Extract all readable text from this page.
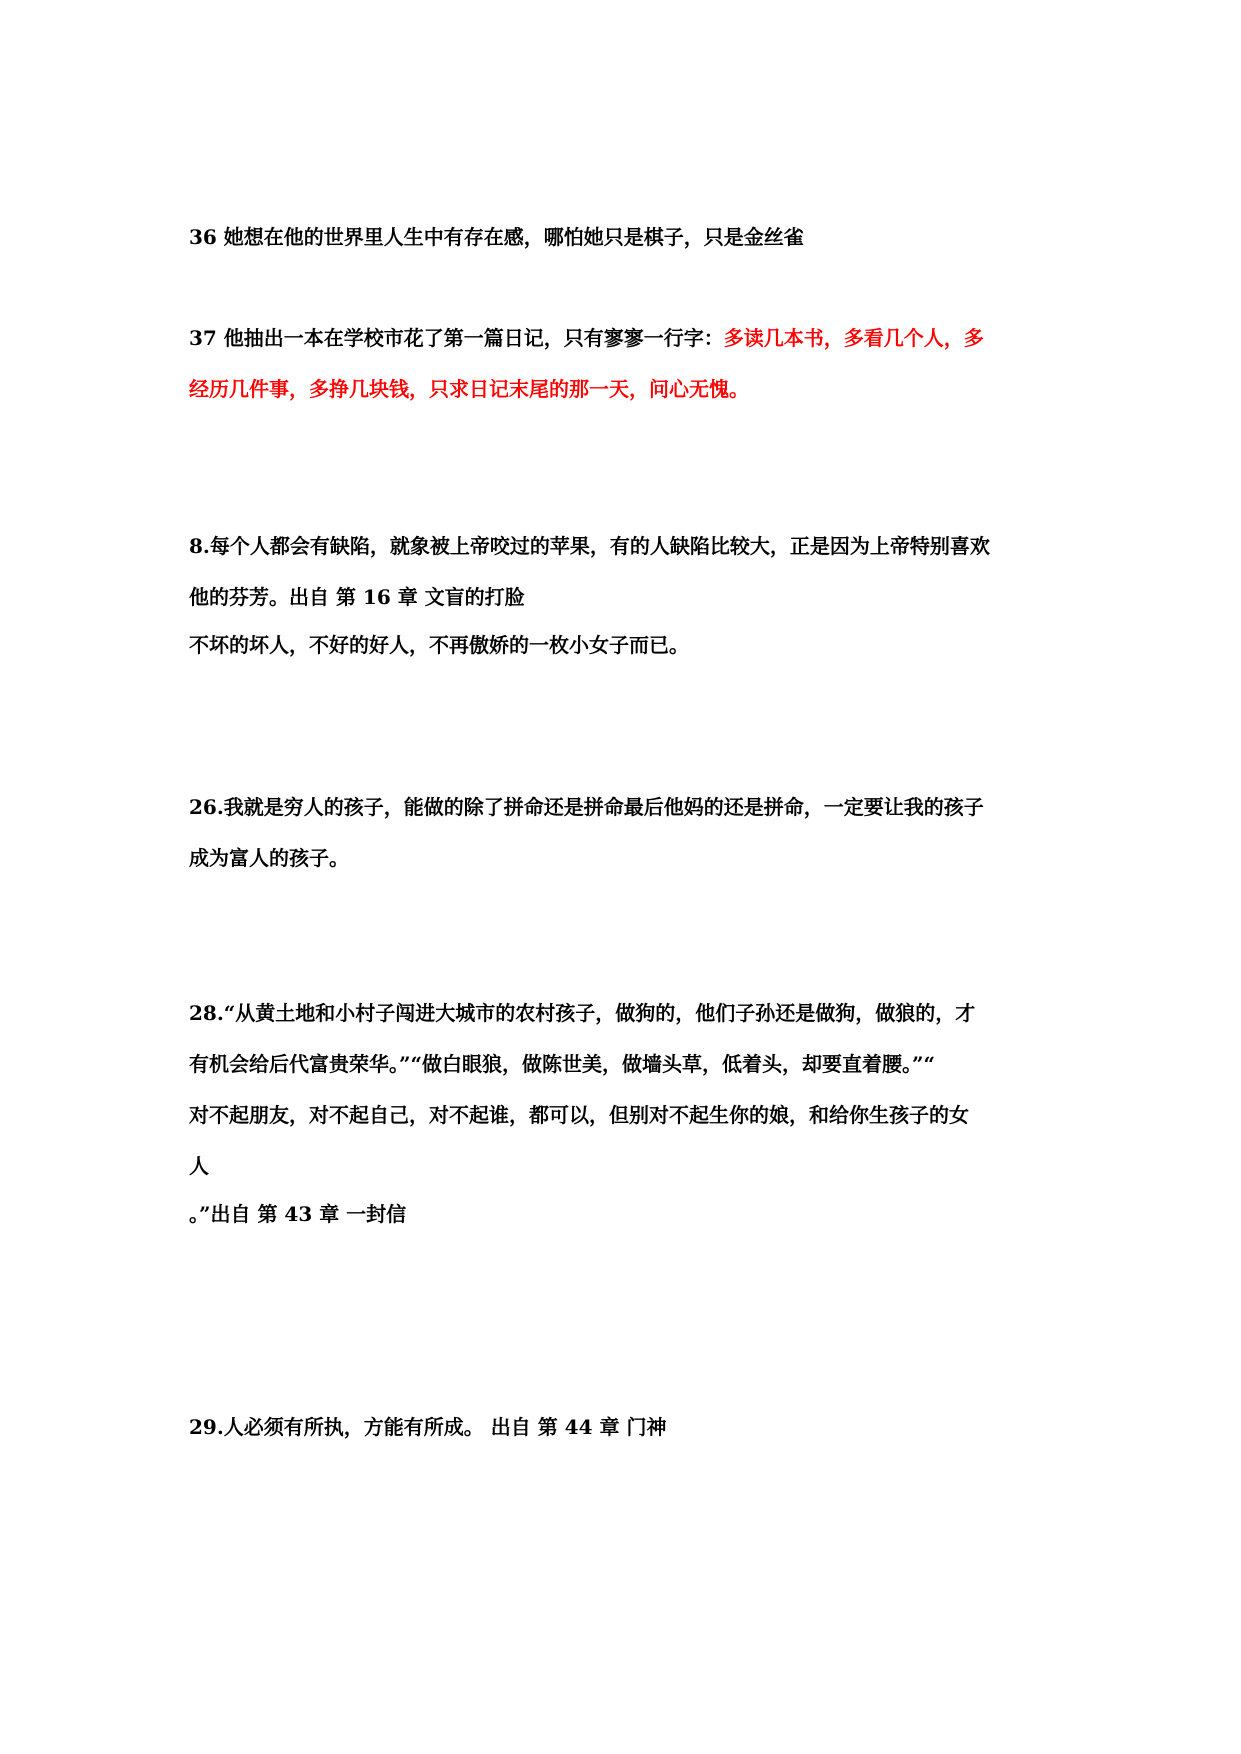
36 她想在他的世界里人生中有存在感，哪怕她只是棋子，只是金丝雀
37 他抽出一本在学校市花了第一篇日记，只有寥寥一行字：多读几本书，多看几个人，多
经历几件事，多挣几块钱，只求日记末尾的那一天，问心无愧。
8.每个人都会有缺陷，就象被上帝咬过的苹果，有的人缺陷比较大，正是因为上帝特别喜欢
他的芬芳。出自 第 16 章 文盲的打脸
不坏的坏人，不好的好人，不再傲娇的一枚小女子而已。
26.我就是穷人的孩子，能做的除了拼命还是拼命最后他妈的还是拼命，一定要让我的孩子
成为富人的孩子。
28.“从黄土地和小村子闯进大城市的农村孩子，做狗的，他们子孙还是做狗，做狼的，才
有机会给后代富贵荣华。”“做白眼狼，做陈世美，做墙头草，低着头，却要直着腰。”“
对不起朋友，对不起自己，对不起谁，都可以，但别对不起生你的娘，和给你生孩子的女
人
。”出自 第 43 章 一封信
29.人必须有所执，方能有所成。 出自 第 44 章 门神
